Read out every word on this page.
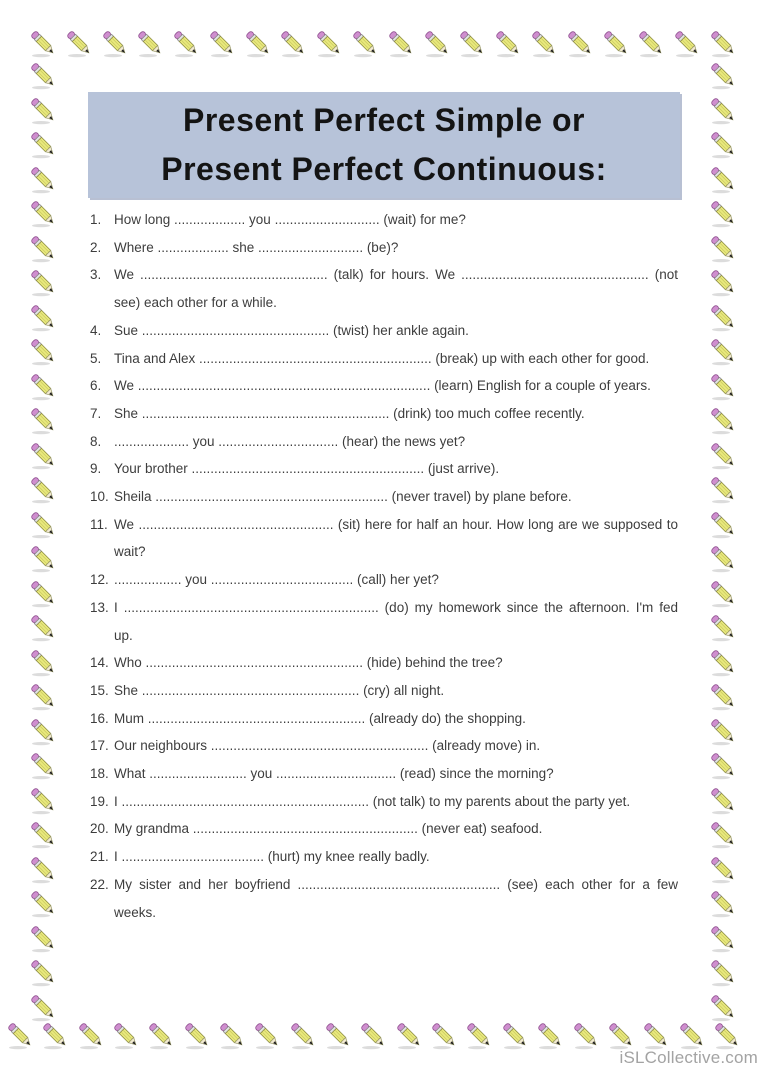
Present Perfect Simple or
Present Perfect Continuous:
1. How long ................... you ............................ (wait) for me?
2. Where ................... she ............................ (be)?
3. We .................................................. (talk) for hours. We .................................................. (not see) each other for a while.
4. Sue .................................................. (twist) her ankle again.
5. Tina and Alex .............................................................. (break) up with each other for good.
6. We .............................................................................. (learn) English for a couple of years.
7. She .................................................................. (drink) too much coffee recently.
8. .................... you ................................ (hear) the news yet?
9. Your brother .............................................................. (just arrive).
10. Sheila .............................................................. (never travel) by plane before.
11. We .................................................... (sit) here for half an hour. How long are we supposed to wait?
12. .................. you ...................................... (call) her yet?
13. I .................................................................... (do) my homework since the afternoon. I'm fed up.
14. Who .......................................................... (hide) behind the tree?
15. She .......................................................... (cry) all night.
16. Mum .......................................................... (already do) the shopping.
17. Our neighbours .......................................................... (already move) in.
18. What .......................... you ................................ (read) since the morning?
19. I .................................................................. (not talk) to my parents about the party yet.
20. My grandma ............................................................ (never eat) seafood.
21. I ...................................... (hurt) my knee really badly.
22. My sister and her boyfriend ...................................................... (see) each other for a few weeks.
iSLCollective.com
